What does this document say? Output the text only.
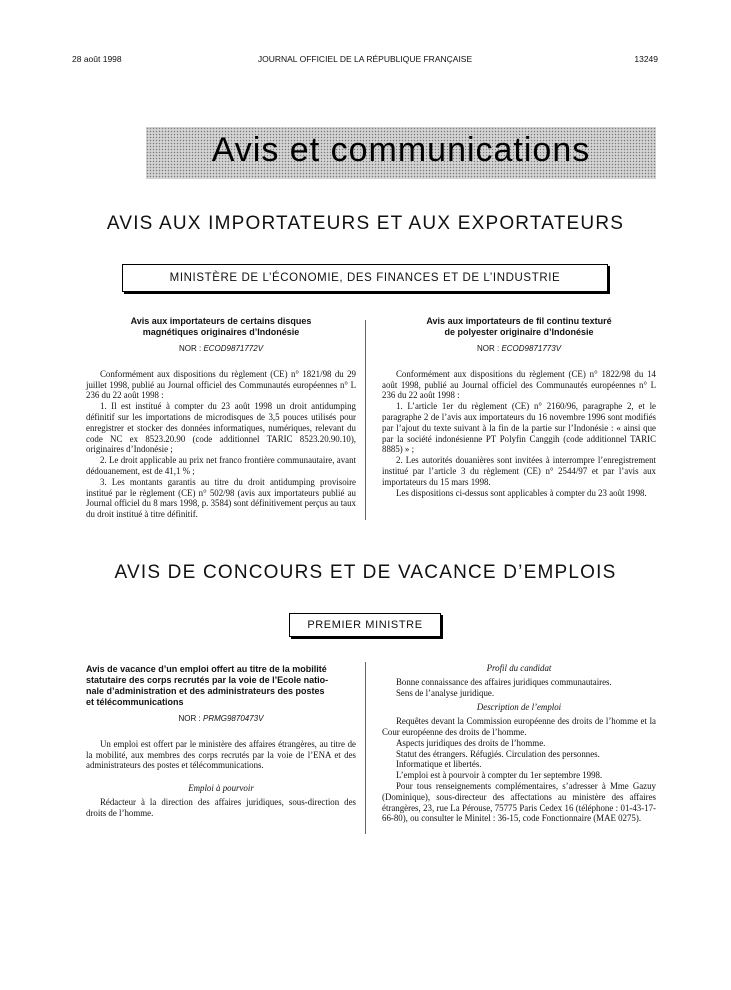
28 août 1998	JOURNAL OFFICIEL DE LA RÉPUBLIQUE FRANÇAISE	13249
Avis et communications
AVIS AUX IMPORTATEURS ET AUX EXPORTATEURS
MINISTÈRE DE L’ÉCONOMIE, DES FINANCES ET DE L’INDUSTRIE
Avis aux importateurs de certains disques
magnétiques originaires d’Indonésie
NOR : ECOD9871772V

Conformément aux dispositions du règlement (CE) n° 1821/98 du 29 juillet 1998, publié au Journal officiel des Communautés européennes n° L 236 du 22 août 1998 :

1. Il est institué à compter du 23 août 1998 un droit antidumping définitif sur les importations de microdisques de 3,5 pouces utilisés pour enregistrer et stocker des données informatiques, numériques, relevant du code NC ex 8523.20.90 (code additionnel TARIC 8523.20.90.10), originaires d’Indonésie ;

2. Le droit applicable au prix net franco frontière communautaire, avant dédouanement, est de 41,1 % ;

3. Les montants garantis au titre du droit antidumping provisoire institué par le règlement (CE) n° 502/98 (avis aux importateurs publié au Journal officiel du 8 mars 1998, p. 3584) sont définitivement perçus au taux du droit institué à titre définitif.

Avis aux importateurs de fil continu texturé
de polyester originaire d’Indonésie
NOR : ECOD9871773V

Conformément aux dispositions du règlement (CE) n° 1822/98 du 14 août 1998, publié au Journal officiel des Communautés européennes n° L 236 du 22 août 1998 :

1. L’article 1er du règlement (CE) n° 2160/96, paragraphe 2, et le paragraphe 2 de l’avis aux importateurs du 16 novembre 1996 sont modifiés par l’ajout du texte suivant à la fin de la partie sur l’Indonésie : « ainsi que par la société indonésienne PT Polyfin Canggih (code additionnel TARIC 8885) » ;

2. Les autorités douanières sont invitées à interrompre l’enregistrement institué par l’article 3 du règlement (CE) n° 2544/97 et par l’avis aux importateurs du 15 mars 1998.

Les dispositions ci-dessus sont applicables à compter du 23 août 1998.

AVIS DE CONCOURS ET DE VACANCE D’EMPLOIS
PREMIER MINISTRE
Avis de vacance d’un emploi offert au titre de la mobilité
statutaire des corps recrutés par la voie de l’Ecole natio-
nale d’administration et des administrateurs des postes
et télécommunications
NOR : PRMG9870473V

Un emploi est offert par le ministère des affaires étrangères, au titre de la mobilité, aux membres des corps recrutés par la voie de l’ENA et des administrateurs des postes et télécommunications.

Emploi à pourvoir

Rédacteur à la direction des affaires juridiques, sous-direction des droits de l’homme.

Profil du candidat

Bonne connaissance des affaires juridiques communautaires.

Sens de l’analyse juridique.

Description de l’emploi

Requêtes devant la Commission européenne des droits de l’homme et la Cour européenne des droits de l’homme.

Aspects juridiques des droits de l’homme.

Statut des étrangers. Réfugiés. Circulation des personnes.

Informatique et libertés.

L’emploi est à pourvoir à compter du 1er septembre 1998.

Pour tous renseignements complémentaires, s’adresser à Mme Gazuy (Dominique), sous-directeur des affectations au ministère des affaires étrangères, 23, rue La Pérouse, 75775 Paris Cedex 16 (téléphone : 01-43-17-66-80), ou consulter le Minitel : 36-15, code Fonctionnaire (MAE 0275).
